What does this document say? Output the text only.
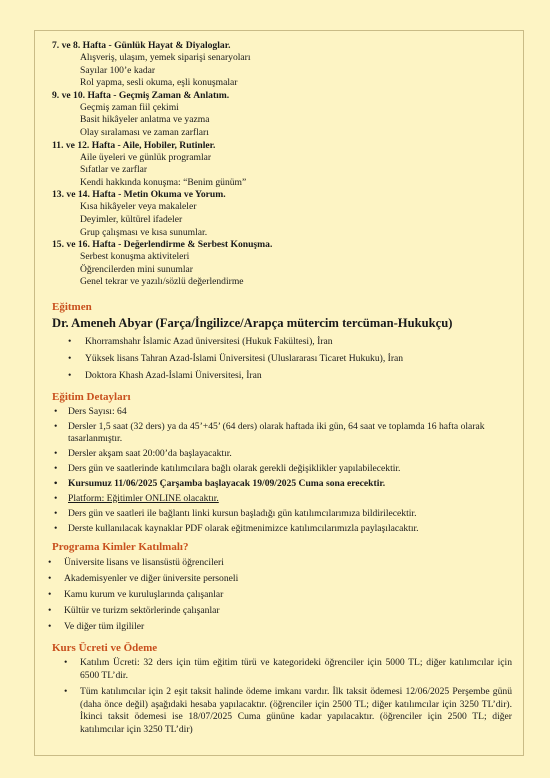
7. ve 8. Hafta - Günlük Hayat & Diyaloglar.

Alışveriş, ulaşım, yemek siparişi senaryoları

Sayılar 100’e kadar

Rol yapma, sesli okuma, eşli konuşmalar

9. ve 10. Hafta - Geçmiş Zaman & Anlatım.

Geçmiş zaman fiil çekimi

Basit hikâyeler anlatma ve yazma

Olay sıralaması ve zaman zarfları

11. ve 12. Hafta - Aile, Hobiler, Rutinler.

Aile üyeleri ve günlük programlar

Sıfatlar ve zarflar

Kendi hakkında konuşma: “Benim günüm”

13. ve 14. Hafta - Metin Okuma ve Yorum.

Kısa hikâyeler veya makaleler

Deyimler, kültürel ifadeler

Grup çalışması ve kısa sunumlar.

15. ve 16. Hafta - Değerlendirme & Serbest Konuşma.

Serbest konuşma aktiviteleri

Öğrencilerden mini sunumlar

Genel tekrar ve yazılı/sözlü değerlendirme

Eğitmen
Dr. Ameneh Abyar (Farça/İngilizce/Arapça mütercim tercüman-Hukukçu)
• Khorramshahr İslamic Azad üniversitesi (Hukuk Fakültesi), İran
• Yüksek lisans Tahran Azad-İslami Üniversitesi (Uluslararası Ticaret Hukuku), İran
• Doktora Khash Azad-İslami Üniversitesi, İran
Eğitim Detayları
• Ders Sayısı: 64
• Dersler 1,5 saat (32 ders) ya da 45’+45’ (64 ders) olarak haftada iki gün, 64 saat ve toplamda 16 hafta olarak tasarlanmıştır.
• Dersler akşam saat 20:00’da başlayacaktır.
• Ders gün ve saatlerinde katılımcılara bağlı olarak gerekli değişiklikler yapılabilecektir.
• Kursumuz 11/06/2025 Çarşamba başlayacak 19/09/2025 Cuma sona erecektir.
• Platform: Eğitimler ONLINE olacaktır.
• Ders gün ve saatleri ile bağlantı linki kursun başladığı gün katılımcılarımıza bildirilecektir.
• Derste kullanılacak kaynaklar PDF olarak eğitmenimizce katılımcılarımızla paylaşılacaktır.
Programa Kimler Katılmalı?
• Üniversite lisans ve lisansüstü öğrencileri
• Akademisyenler ve diğer üniversite personeli
• Kamu kurum ve kuruluşlarında çalışanlar
• Kültür ve turizm sektörlerinde çalışanlar
• Ve diğer tüm ilgililer
Kurs Ücreti ve Ödeme
• Katılım Ücreti: 32 ders için tüm eğitim türü ve kategorideki öğrenciler için 5000 TL; diğer katılımcılar için 6500 TL’dir.
• Tüm katılımcılar için 2 eşit taksit halinde ödeme imkanı vardır. İlk taksit ödemesi 12/06/2025 Perşembe günü (daha önce değil) aşağıdaki hesaba yapılacaktır. (öğrenciler için 2500 TL; diğer katılımcılar için 3250 TL’dir). İkinci taksit ödemesi ise 18/07/2025 Cuma gününe kadar yapılacaktır. (öğrenciler için 2500 TL; diğer katılımcılar için 3250 TL’dir)
